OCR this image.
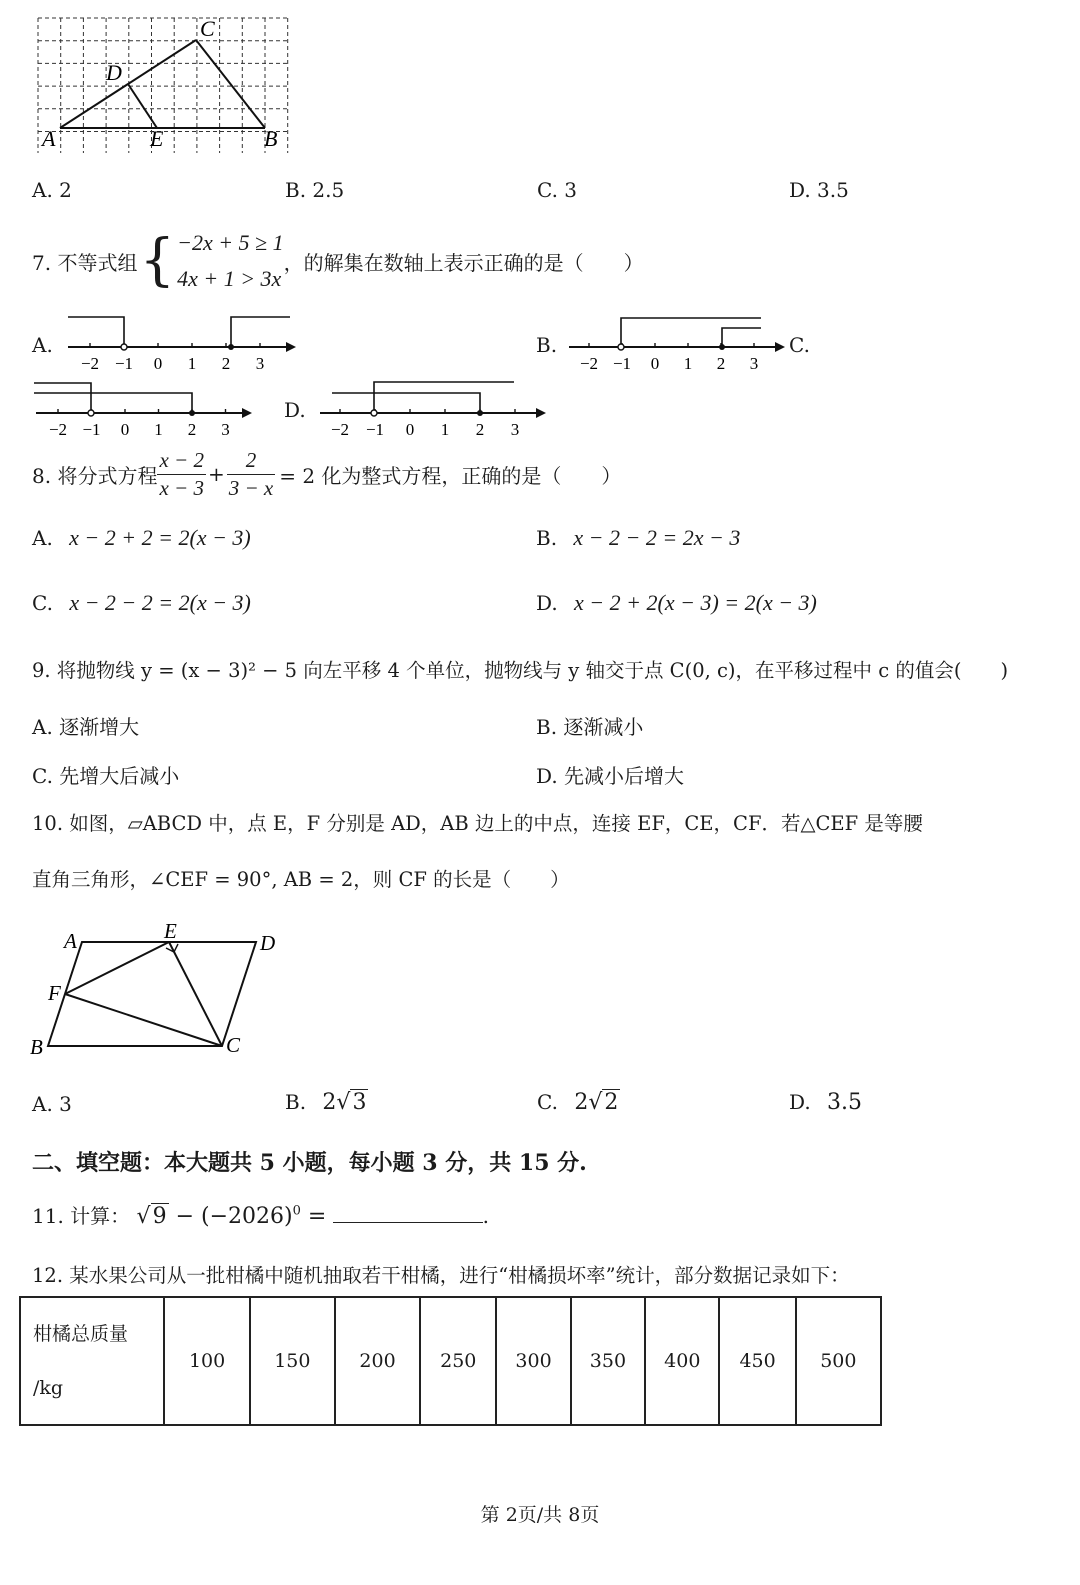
C
D
A	E	B
A. 2	B. 2.5	C. 3	D. 3.5
7. 不等式组 { −2x + 5 ≥ 1
4x + 1 > 3x
，的解集在数轴上表示正确的是（　　）
A.	B.	C.
D.
−2 −1 0 1 2 3	−2 −1 0 1 2 3
−2 −1 0 1 2 3	−2 −1 0 1 2 3
8. 将分式方程 $\frac{x - 2}{x - 3} + \frac{2}{3 - x} = 2$ 化为整式方程，正确的是（　　）
A. x − 2 + 2 = 2(x − 3)	B. x − 2 − 2 = 2x − 3
C. x − 2 − 2 = 2(x − 3)	D. x − 2 + 2(x − 3) = 2(x − 3)
9. 将抛物线 y = (x − 3)² − 5 向左平移 4 个单位，抛物线与 y 轴交于点 C(0, c)，在平移过程中 c 的值会(　　)
A. 逐渐增大	B. 逐渐减小
C. 先增大后减小	D. 先减小后增大
10. 如图，▱ABCD 中，点 E，F 分别是 AD，AB 边上的中点，连接 EF，CE，CF．若△CEF 是等腰
直角三角形，∠CEF = 90°, AB = 2，则 CF 的长是（　　）
A	E	D
F
B	C
A. 3	B. 2√3	C. 2√2	D. 3.5
二、填空题：本大题共 5 小题，每小题 3 分，共 15 分.
11. 计算： $√9 - (-2026)^0$ =	.
12. 某水果公司从一批柑橘中随机抽取若干柑橘，进行“柑橘损坏率”统计，部分数据记录如下：
柑橘总质量
/kg
	100	150	200	250	300	350	400	450	500
第 2页/共 8页
